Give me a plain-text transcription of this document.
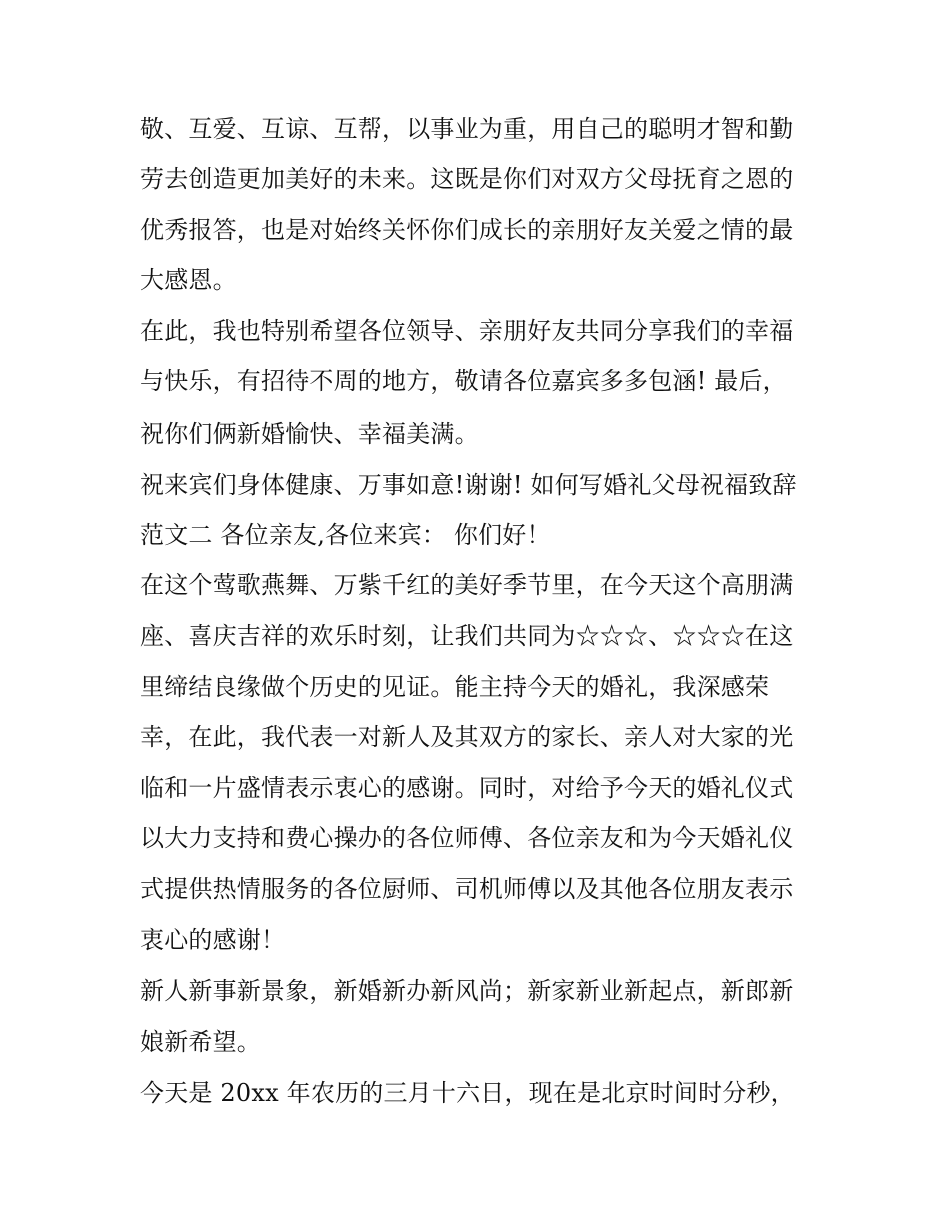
敬、互爱、互谅、互帮，以事业为重，用自己的聪明才智和勤
劳去创造更加美好的未来。这既是你们对双方父母抚育之恩的
优秀报答，也是对始终关怀你们成长的亲朋好友关爱之情的最
大感恩。
在此，我也特别希望各位领导、亲朋好友共同分享我们的幸福
与快乐，有招待不周的地方，敬请各位嘉宾多多包涵! 最后，
祝你们俩新婚愉快、幸福美满。
祝来宾们身体健康、万事如意!谢谢! 如何写婚礼父母祝福致辞
范文二 各位亲友,各位来宾： 你们好！
在这个莺歌燕舞、万紫千红的美好季节里，在今天这个高朋满
座、喜庆吉祥的欢乐时刻，让我们共同为☆☆☆、☆☆☆在这
里缔结良缘做个历史的见证。能主持今天的婚礼，我深感荣
幸，在此，我代表一对新人及其双方的家长、亲人对大家的光
临和一片盛情表示衷心的感谢。同时，对给予今天的婚礼仪式
以大力支持和费心操办的各位师傅、各位亲友和为今天婚礼仪
式提供热情服务的各位厨师、司机师傅以及其他各位朋友表示
衷心的感谢！
新人新事新景象，新婚新办新风尚；新家新业新起点，新郎新
娘新希望。
今天是 20xx 年农历的三月十六日，现在是北京时间时分秒，
